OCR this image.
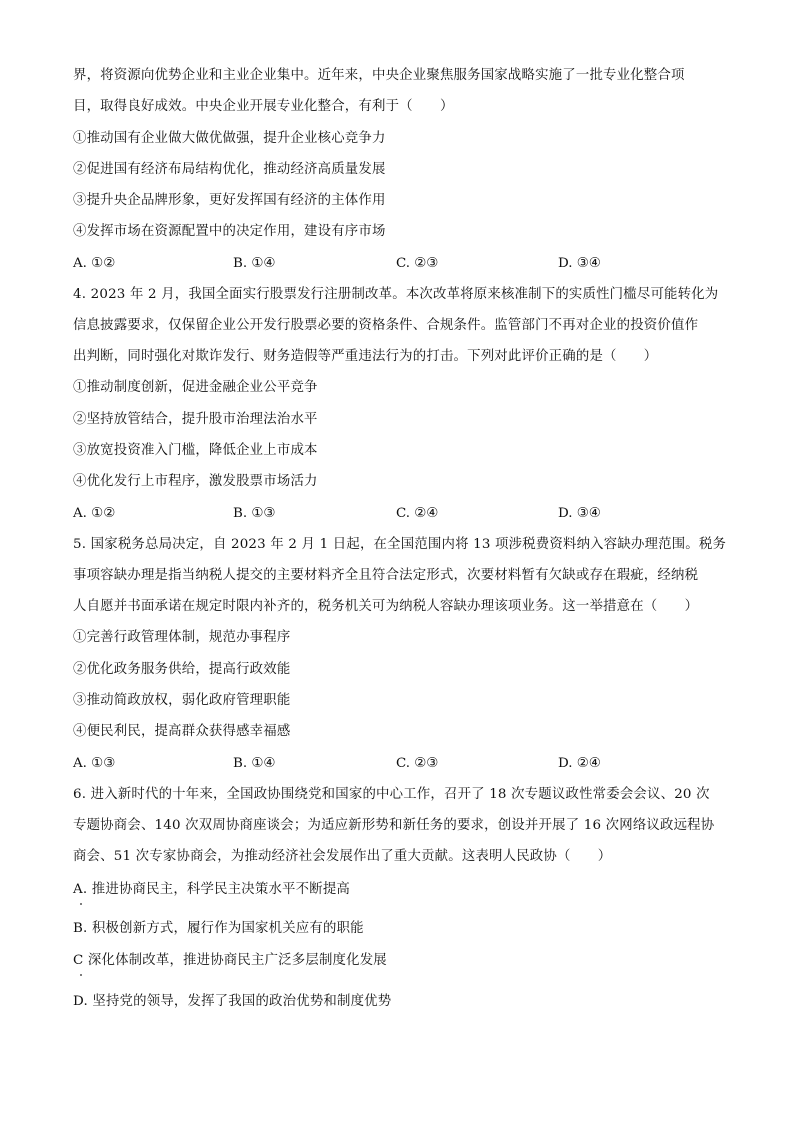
界，将资源向优势企业和主业企业集中。近年来，中央企业聚焦服务国家战略实施了一批专业化整合项
目，取得良好成效。中央企业开展专业化整合，有利于（　　）
①推动国有企业做大做优做强，提升企业核心竞争力
②促进国有经济布局结构优化，推动经济高质量发展
③提升央企品牌形象，更好发挥国有经济的主体作用
④发挥市场在资源配置中的决定作用，建设有序市场
A. ①②	B. ①④	C. ②③	D. ③④
4. 2023 年 2 月，我国全面实行股票发行注册制改革。本次改革将原来核准制下的实质性门槛尽可能转化为
信息披露要求，仅保留企业公开发行股票必要的资格条件、合规条件。监管部门不再对企业的投资价值作
出判断，同时强化对欺诈发行、财务造假等严重违法行为的打击。下列对此评价正确的是（　　）
①推动制度创新，促进金融企业公平竞争
②坚持放管结合，提升股市治理法治水平
③放宽投资准入门槛，降低企业上市成本
④优化发行上市程序，激发股票市场活力
A. ①②	B. ①③	C. ②④	D. ③④
5. 国家税务总局决定，自 2023 年 2 月 1 日起，在全国范围内将 13 项涉税费资料纳入容缺办理范围。税务
事项容缺办理是指当纳税人提交的主要材料齐全且符合法定形式，次要材料暂有欠缺或存在瑕疵，经纳税
人自愿并书面承诺在规定时限内补齐的，税务机关可为纳税人容缺办理该项业务。这一举措意在（　　）
①完善行政管理体制，规范办事程序
②优化政务服务供给，提高行政效能
③推动简政放权，弱化政府管理职能
④便民利民，提高群众获得感幸福感
A. ①③	B. ①④	C. ②③	D. ②④
6. 进入新时代的十年来，全国政协围绕党和国家的中心工作，召开了 18 次专题议政性常委会会议、20 次
专题协商会、140 次双周协商座谈会；为适应新形势和新任务的要求，创设并开展了 16 次网络议政远程协
商会、51 次专家协商会，为推动经济社会发展作出了重大贡献。这表明人民政协（　　）
A. 推进协商民主，科学民主决策水平不断提高
B. 积极创新方式，履行作为国家机关应有的职能
C 深化体制改革，推进协商民主广泛多层制度化发展
D. 坚持党的领导，发挥了我国的政治优势和制度优势
